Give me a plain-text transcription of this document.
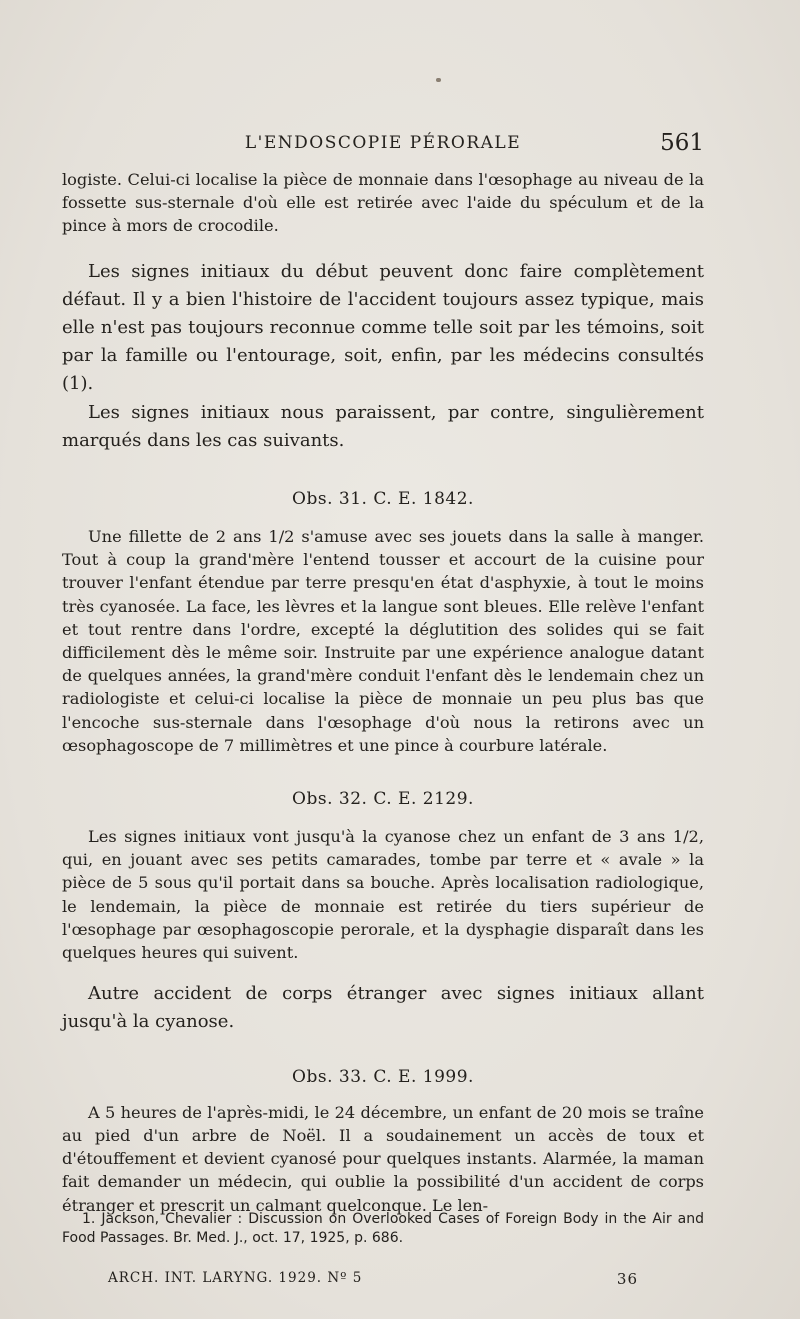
L'ENDOSCOPIE PÉRORALE	561

logiste. Celui-ci localise la pièce de monnaie dans l'œsophage au niveau de la fossette sus-sternale d'où elle est retirée avec l'aide du spéculum et de la pince à mors de crocodile.

Les signes initiaux du début peuvent donc faire complètement défaut. Il y a bien l'histoire de l'accident toujours assez typique, mais elle n'est pas toujours reconnue comme telle soit par les témoins, soit par la famille ou l'entourage, soit, enfin, par les médecins consultés (1).

Les signes initiaux nous paraissent, par contre, singulièrement marqués dans les cas suivants.

Obs. 31. C. E. 1842.

Une fillette de 2 ans 1/2 s'amuse avec ses jouets dans la salle à manger. Tout à coup la grand'mère l'entend tousser et accourt de la cuisine pour trouver l'enfant étendue par terre presqu'en état d'asphyxie, à tout le moins très cyanosée. La face, les lèvres et la langue sont bleues. Elle relève l'enfant et tout rentre dans l'ordre, excepté la déglutition des solides qui se fait difficilement dès le même soir. Instruite par une expérience analogue datant de quelques années, la grand'mère conduit l'enfant dès le lendemain chez un radiologiste et celui-ci localise la pièce de monnaie un peu plus bas que l'encoche sus-sternale dans l'œsophage d'où nous la retirons avec un œsophagoscope de 7 millimètres et une pince à courbure latérale.

Obs. 32. C. E. 2129.

Les signes initiaux vont jusqu'à la cyanose chez un enfant de 3 ans 1/2, qui, en jouant avec ses petits camarades, tombe par terre et « avale » la pièce de 5 sous qu'il portait dans sa bouche. Après localisation radiologique, le lendemain, la pièce de monnaie est retirée du tiers supérieur de l'œsophage par œsophagoscopie perorale, et la dysphagie disparaît dans les quelques heures qui suivent.

Autre accident de corps étranger avec signes initiaux allant jusqu'à la cyanose.

Obs. 33. C. E. 1999.

A 5 heures de l'après-midi, le 24 décembre, un enfant de 20 mois se traîne au pied d'un arbre de Noël. Il a soudainement un accès de toux et d'étouffement et devient cyanosé pour quelques instants. Alarmée, la maman fait demander un médecin, qui oublie la possibilité d'un accident de corps étranger et prescrit un calmant quelconque. Le len-

1. Jackson, Chevalier : Discussion on Overlooked Cases of Foreign Body in the Air and Food Passages. Br. Med. J., oct. 17, 1925, p. 686.

ARCH. INT. LARYNG. 1929. Nº 5	36
